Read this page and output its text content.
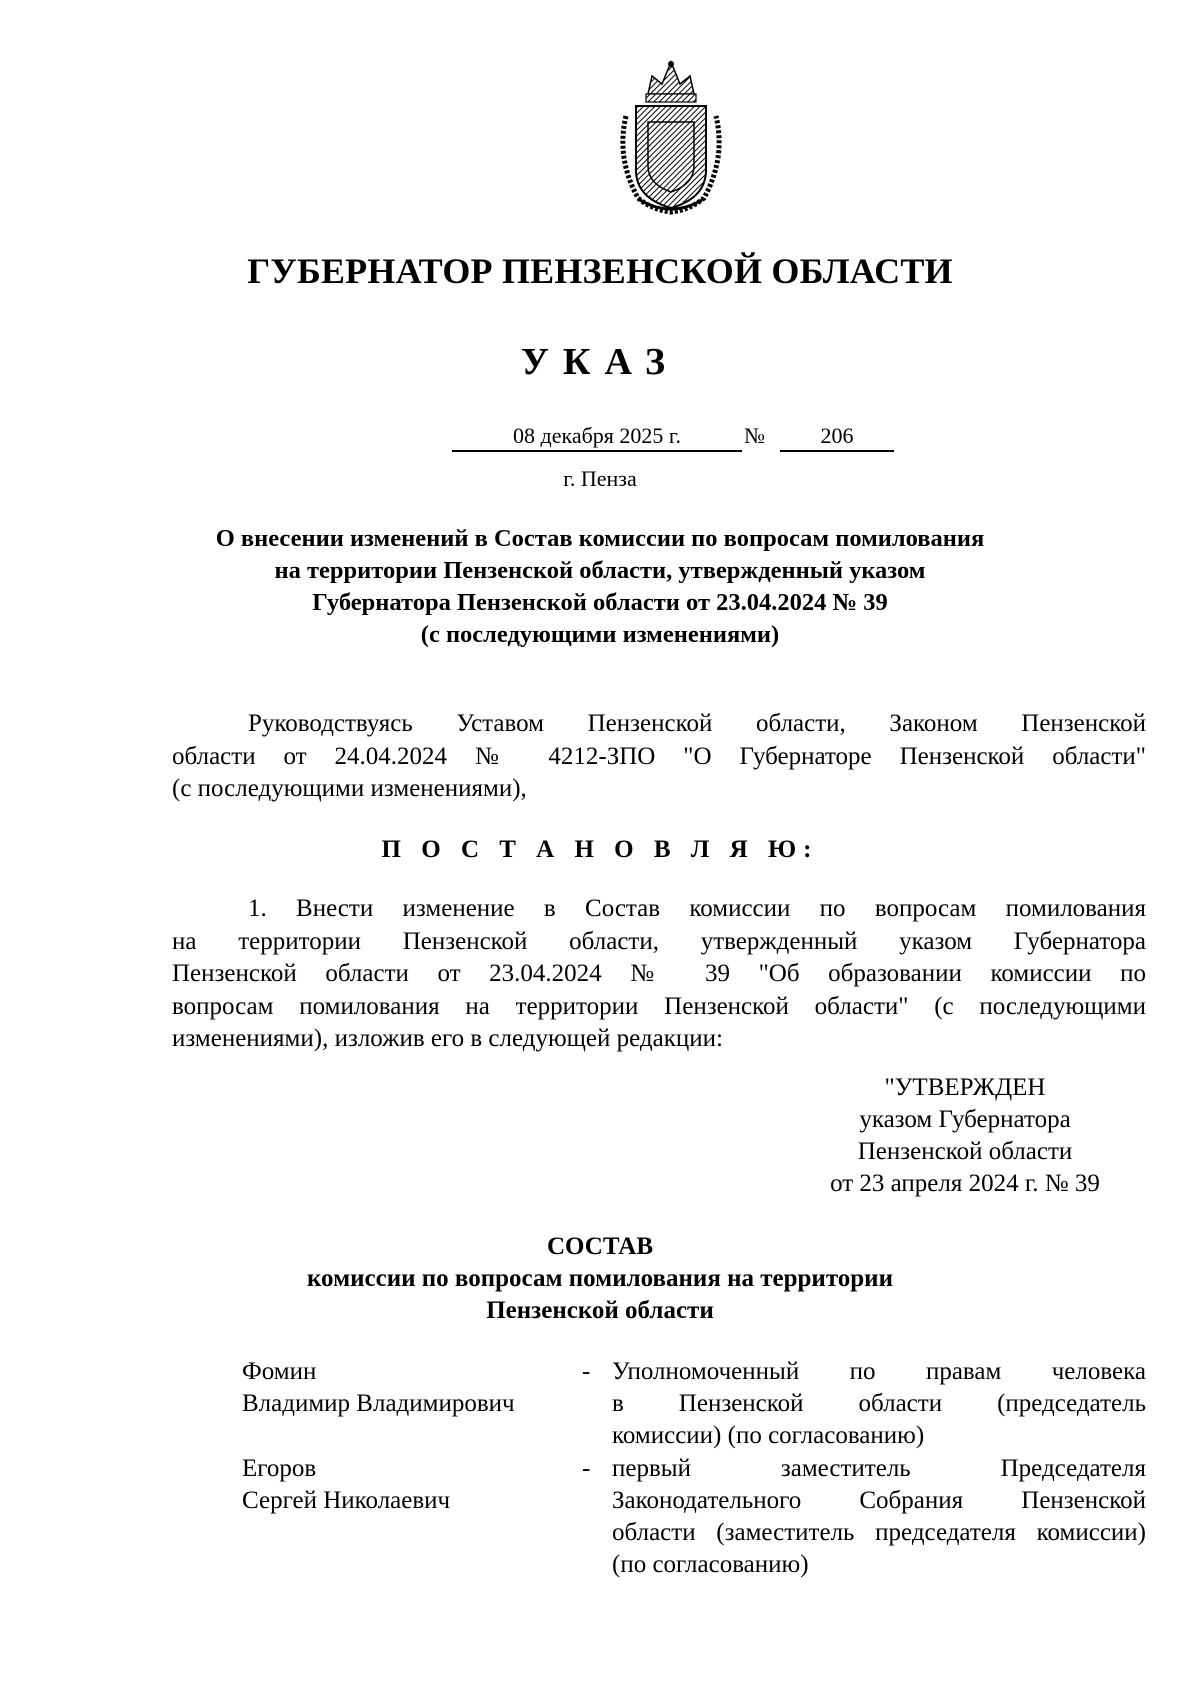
ГУБЕРНАТОР ПЕНЗЕНСКОЙ ОБЛАСТИ
УКАЗ
08 декабря 2025 г.	№	206
г. Пенза
О внесении изменений в Состав комиссии по вопросам помилования
на территории Пензенской области, утвержденный указом
Губернатора Пензенской области от 23.04.2024 № 39
(с последующими изменениями)
Руководствуясь Уставом Пензенской области, Законом Пензенской
области от 24.04.2024 № 4212-ЗПО "О Губернаторе Пензенской области"
(с последующими изменениями),
П О С Т А Н О В Л Я Ю:
1. Внести изменение в Состав комиссии по вопросам помилования
на территории Пензенской области, утвержденный указом Губернатора
Пензенской области от 23.04.2024 № 39 "Об образовании комиссии по
вопросам помилования на территории Пензенской области" (с последующими
изменениями), изложив его в следующей редакции:
"УТВЕРЖДЕН
указом Губернатора
Пензенской области
от 23 апреля 2024 г. № 39
СОСТАВ
комиссии по вопросам помилования на территории
Пензенской области
Фомин
Владимир Владимирович
- Уполномоченный по правам человека
в Пензенской области (председатель
комиссии) (по согласованию)
Егоров
Сергей Николаевич
- первый заместитель Председателя
Законодательного Собрания Пензенской
области (заместитель председателя комиссии)
(по согласованию)
